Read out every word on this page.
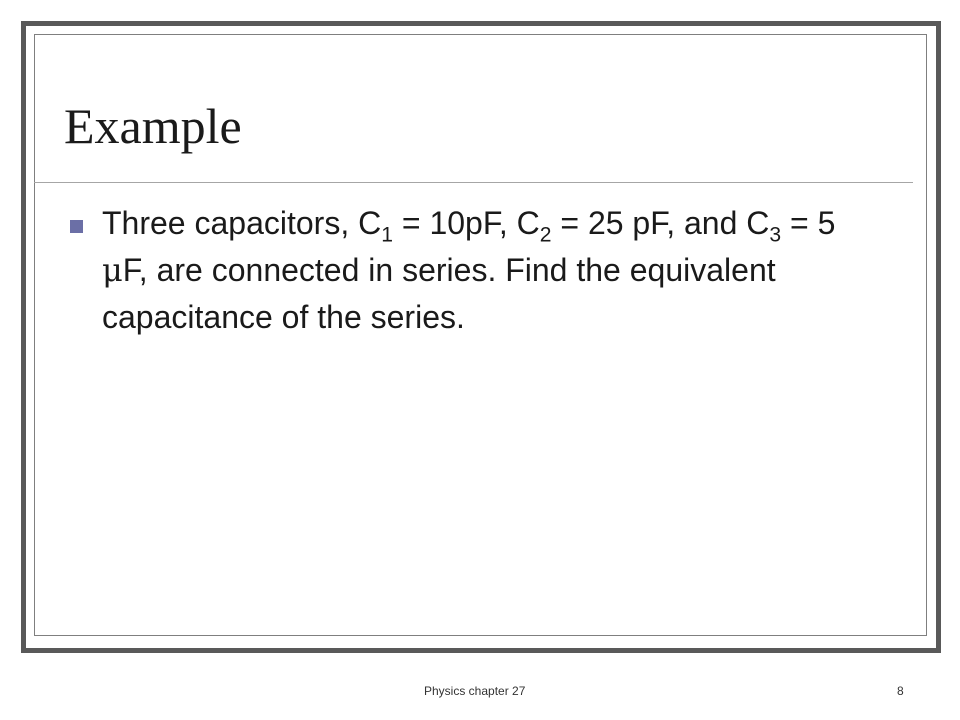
Example
Three capacitors, $C_1 = 10pF$, $C_2 = 25$ pF, and $C_3 = 5$ μF, are connected in series. Find the equivalent capacitance of the series.
Physics chapter 27	8
